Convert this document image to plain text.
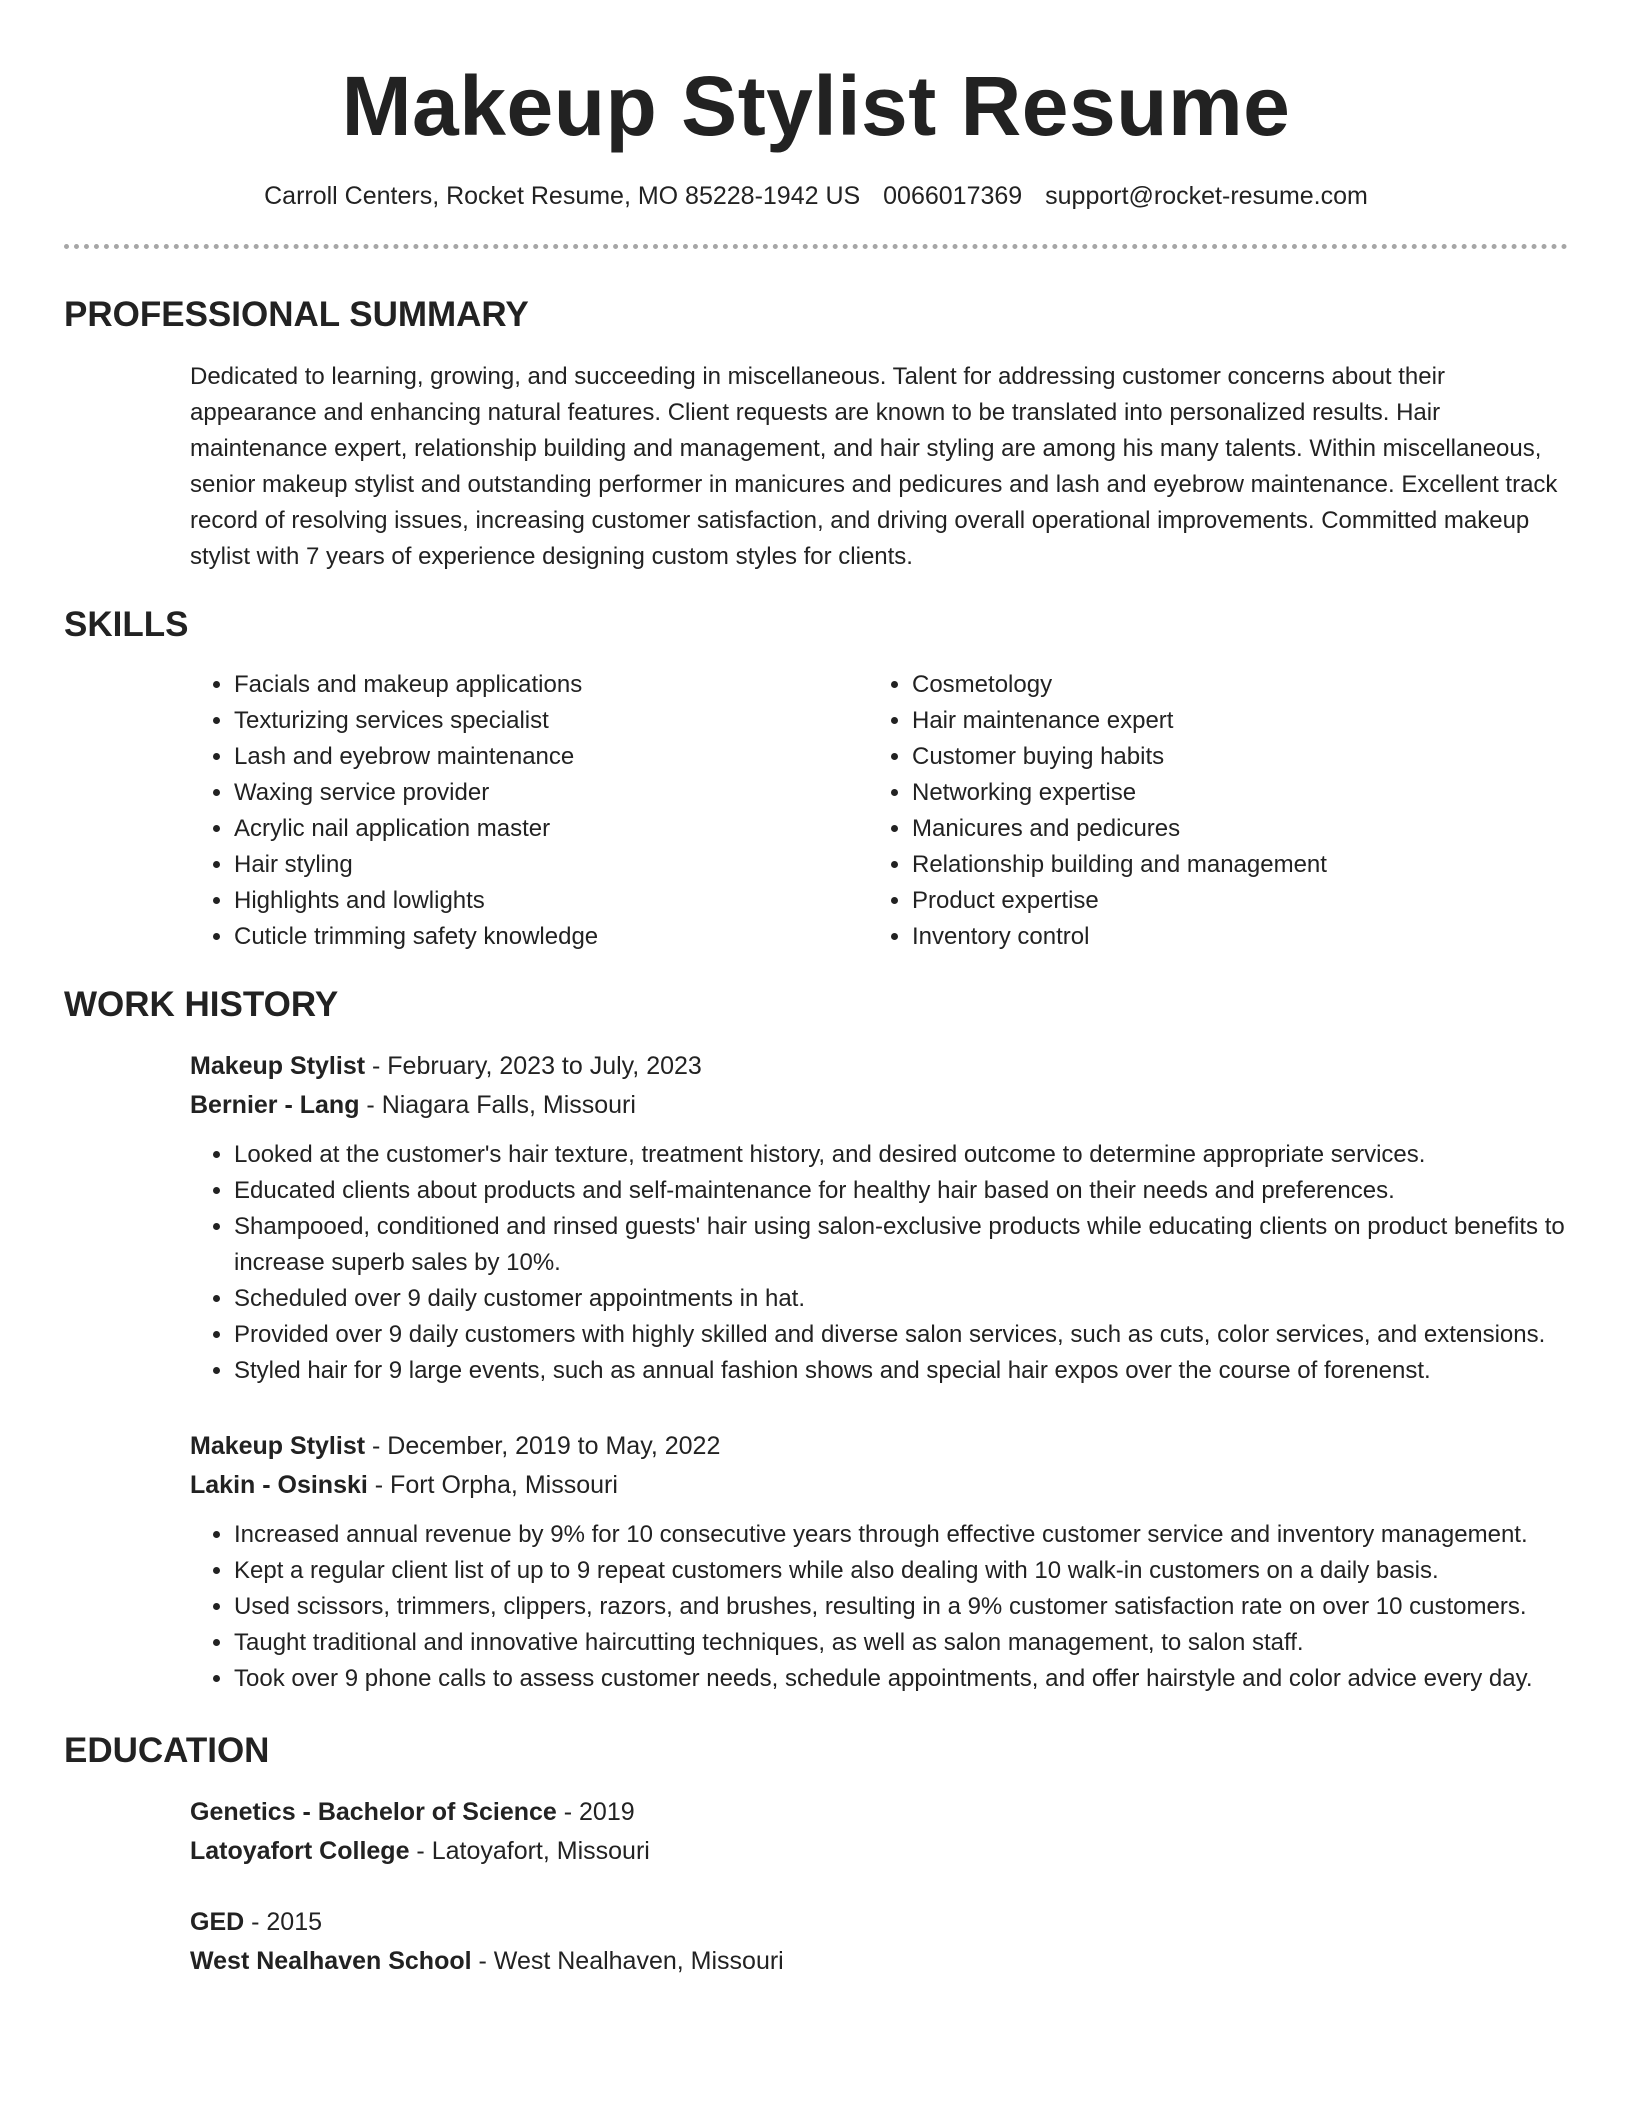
Makeup Stylist Resume
Carroll Centers, Rocket Resume, MO 85228-1942 US 0066017369 support@rocket-resume.com
PROFESSIONAL SUMMARY

Dedicated to learning, growing, and succeeding in miscellaneous. Talent for addressing customer concerns about their appearance and enhancing natural features. Client requests are known to be translated into personalized results. Hair maintenance expert, relationship building and management, and hair styling are among his many talents. Within miscellaneous, senior makeup stylist and outstanding performer in manicures and pedicures and lash and eyebrow maintenance. Excellent track record of resolving issues, increasing customer satisfaction, and driving overall operational improvements. Committed makeup stylist with 7 years of experience designing custom styles for clients.

SKILLS
• Facials and makeup applications
• Texturizing services specialist
• Lash and eyebrow maintenance
• Waxing service provider
• Acrylic nail application master
• Hair styling
• Highlights and lowlights
• Cuticle trimming safety knowledge
• Cosmetology
• Hair maintenance expert
• Customer buying habits
• Networking expertise
• Manicures and pedicures
• Relationship building and management
• Product expertise
• Inventory control
WORK HISTORY
Makeup Stylist - February, 2023 to July, 2023
Bernier - Lang - Niagara Falls, Missouri
• Looked at the customer's hair texture, treatment history, and desired outcome to determine appropriate services.
• Educated clients about products and self-maintenance for healthy hair based on their needs and preferences.
• Shampooed, conditioned and rinsed guests' hair using salon-exclusive products while educating clients on product benefits to increase superb sales by 10%.
• Scheduled over 9 daily customer appointments in hat.
• Provided over 9 daily customers with highly skilled and diverse salon services, such as cuts, color services, and extensions.
• Styled hair for 9 large events, such as annual fashion shows and special hair expos over the course of forenenst.
Makeup Stylist - December, 2019 to May, 2022
Lakin - Osinski - Fort Orpha, Missouri
• Increased annual revenue by 9% for 10 consecutive years through effective customer service and inventory management.
• Kept a regular client list of up to 9 repeat customers while also dealing with 10 walk-in customers on a daily basis.
• Used scissors, trimmers, clippers, razors, and brushes, resulting in a 9% customer satisfaction rate on over 10 customers.
• Taught traditional and innovative haircutting techniques, as well as salon management, to salon staff.
• Took over 9 phone calls to assess customer needs, schedule appointments, and offer hairstyle and color advice every day.
EDUCATION
Genetics - Bachelor of Science - 2019
Latoyafort College - Latoyafort, Missouri
GED - 2015
West Nealhaven School - West Nealhaven, Missouri
